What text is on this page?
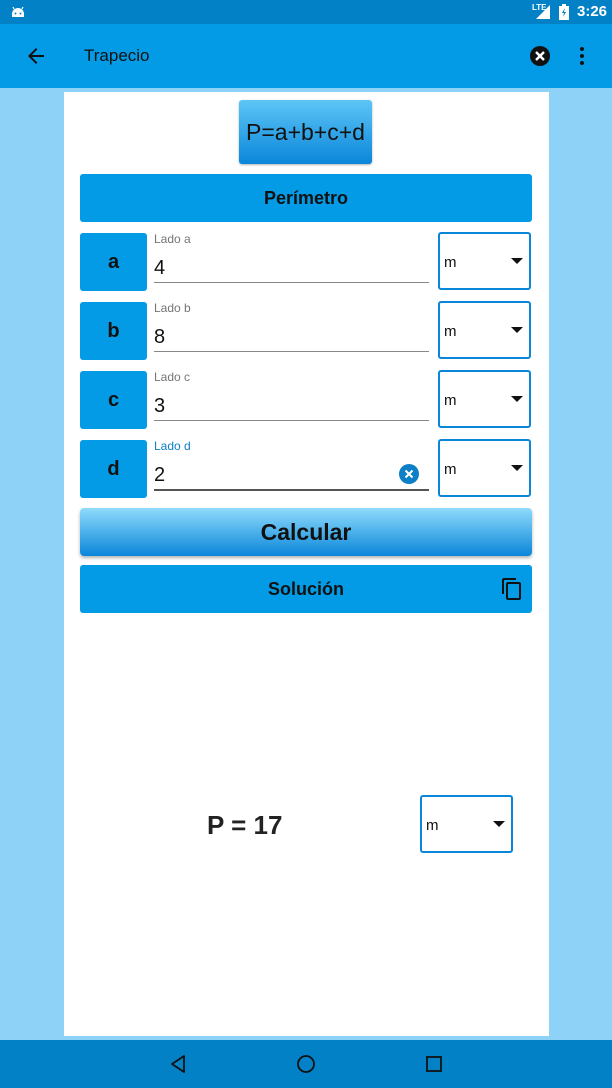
LTE 3:26
Trapecio
P=a+b+c+d
Perímetro
a
Lado a
4	m
b
Lado b
8	m
c
Lado c
3	m
d
Lado d
2	m
Calcular
Solución
P = 17	m
